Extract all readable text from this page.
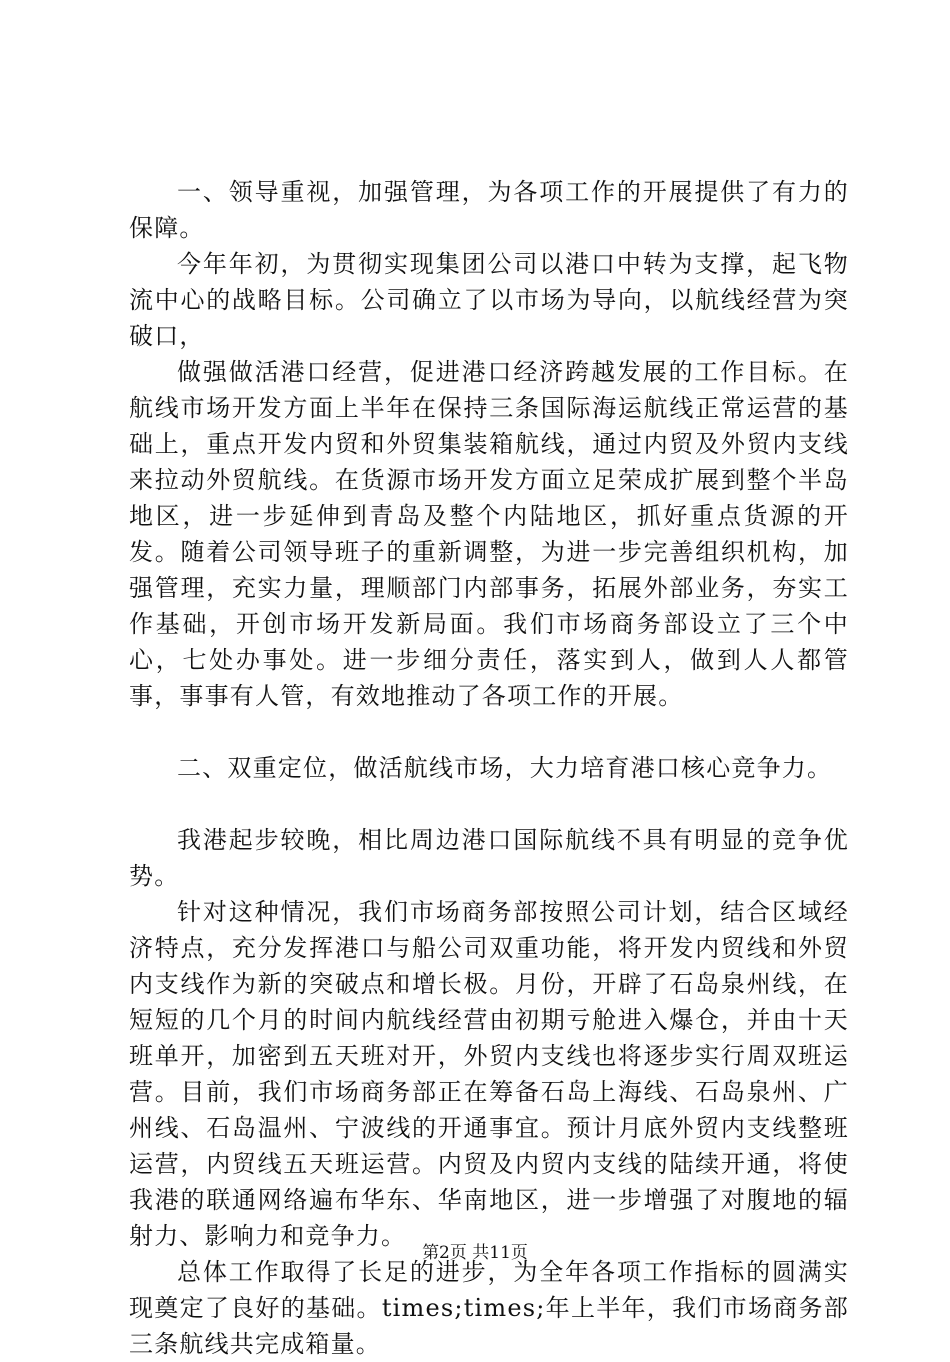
一、领导重视，加强管理，为各项工作的开展提供了有力的保障。

今年年初，为贯彻实现集团公司以港口中转为支撑，起飞物流中心的战略目标。公司确立了以市场为导向，以航线经营为突破口，

做强做活港口经营，促进港口经济跨越发展的工作目标。在航线市场开发方面上半年在保持三条国际海运航线正常运营的基础上，重点开发内贸和外贸集装箱航线，通过内贸及外贸内支线来拉动外贸航线。在货源市场开发方面立足荣成扩展到整个半岛地区，进一步延伸到青岛及整个内陆地区，抓好重点货源的开发。随着公司领导班子的重新调整，为进一步完善组织机构，加强管理，充实力量，理顺部门内部事务，拓展外部业务，夯实工作基础，开创市场开发新局面。我们市场商务部设立了三个中心，七处办事处。进一步细分责任，落实到人，做到人人都管事，事事有人管，有效地推动了各项工作的开展。

二、双重定位，做活航线市场，大力培育港口核心竞争力。

我港起步较晚，相比周边港口国际航线不具有明显的竞争优势。

针对这种情况，我们市场商务部按照公司计划，结合区域经济特点，充分发挥港口与船公司双重功能，将开发内贸线和外贸内支线作为新的突破点和增长极。月份，开辟了石岛泉州线，在短短的几个月的时间内航线经营由初期亏舱进入爆仓，并由十天班单开，加密到五天班对开，外贸内支线也将逐步实行周双班运营。目前，我们市场商务部正在筹备石岛上海线、石岛泉州、广州线、石岛温州、宁波线的开通事宜。预计月底外贸内支线整班运营，内贸线五天班运营。内贸及内贸内支线的陆续开通，将使我港的联通网络遍布华东、华南地区，进一步增强了对腹地的辐射力、影响力和竞争力。

总体工作取得了长足的进步，为全年各项工作指标的圆满实现奠定了良好的基础。times;times;年上半年，我们市场商务部三条航线共完成箱量。

第2页 共11页
